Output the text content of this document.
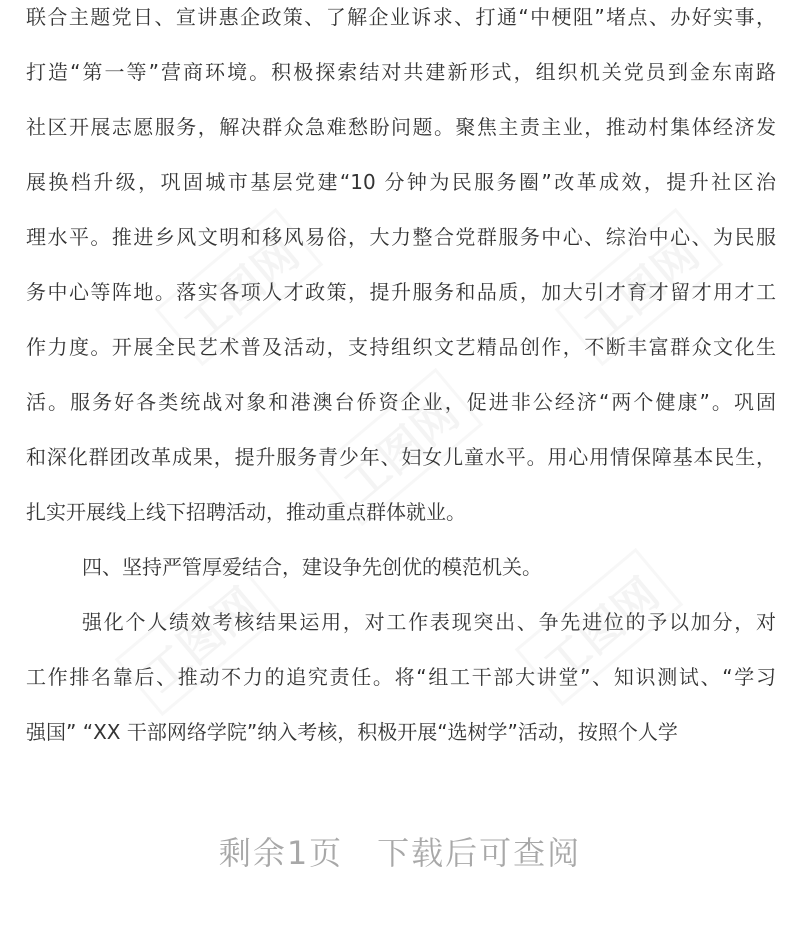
联合主题党日、宣讲惠企政策、了解企业诉求、打通“中梗阻”堵点、办好实事，
打造“第一等”营商环境。积极探索结对共建新形式，组织机关党员到金东南路
社区开展志愿服务，解决群众急难愁盼问题。聚焦主责主业，推动村集体经济发
展换档升级，巩固城市基层党建“10 分钟为民服务圈”改革成效，提升社区治
理水平。推进乡风文明和移风易俗，大力整合党群服务中心、综治中心、为民服
务中心等阵地。落实各项人才政策，提升服务和品质，加大引才育才留才用才工
作力度。开展全民艺术普及活动，支持组织文艺精品创作，不断丰富群众文化生
活。服务好各类统战对象和港澳台侨资企业，促进非公经济“两个健康”。巩固
和深化群团改革成果，提升服务青少年、妇女儿童水平。用心用情保障基本民生，
扎实开展线上线下招聘活动，推动重点群体就业。
四、坚持严管厚爱结合，建设争先创优的模范机关。
强化个人绩效考核结果运用，对工作表现突出、争先进位的予以加分，对
工作排名靠后、推动不力的追究责任。将“组工干部大讲堂”、知识测试、“学习
强国” “XX 干部网络学院”纳入考核，积极开展“选树学”活动，按照个人学
工图网	工图网
工图网
工图网	工图网
剩余1页　下载后可查阅
